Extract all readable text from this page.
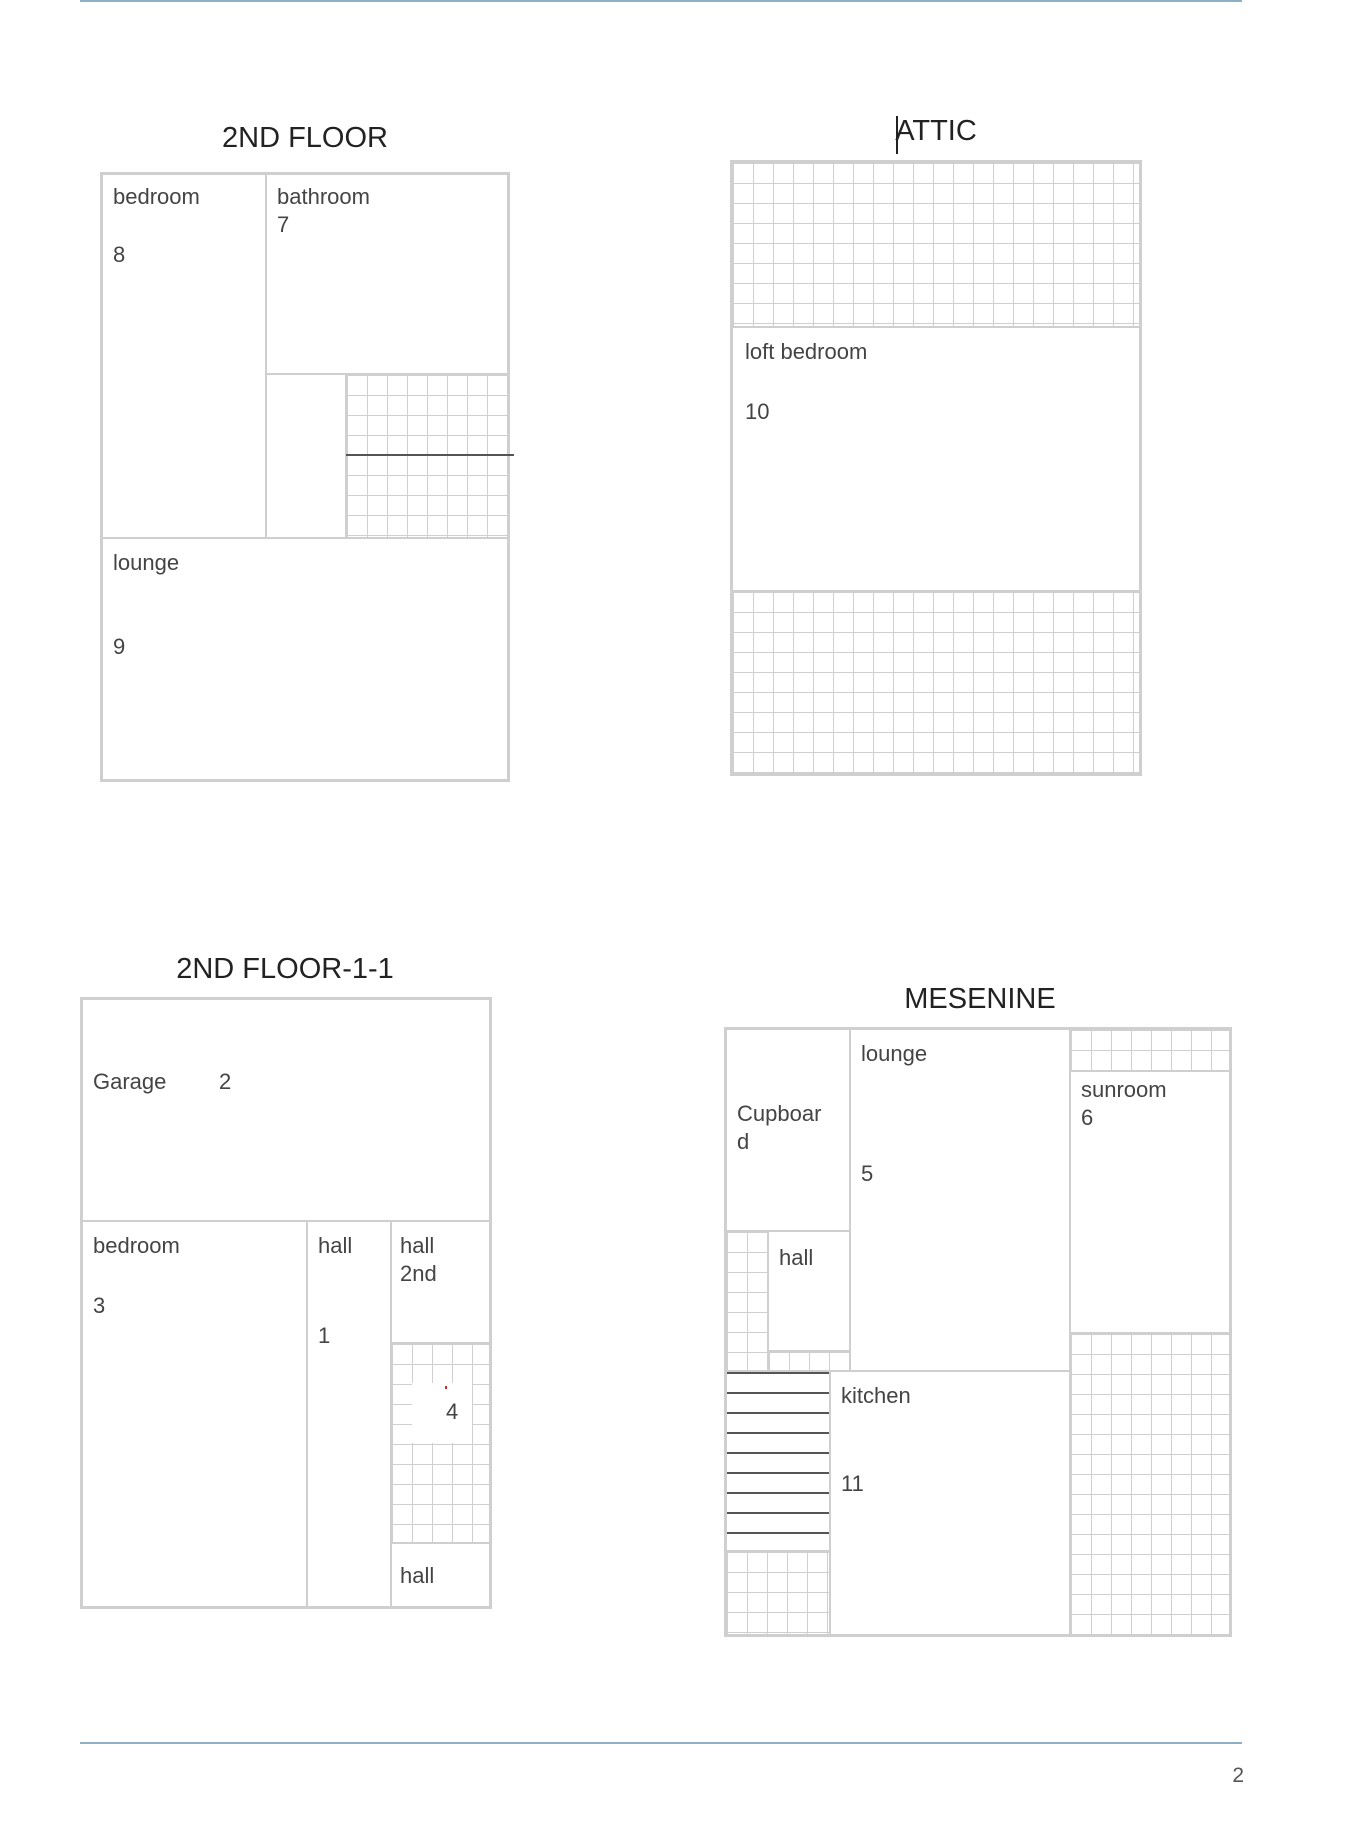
2ND FLOOR
bedroom
8
bathroom
7
lounge
9
ATTIC
loft bedroom
10
2ND FLOOR-1-1
Garage 2
bedroom
3
hall
1
hall 2nd
4
hall
MESENINE
Cupboard
hall
lounge
5
sunroom
6
kitchen
11
2
